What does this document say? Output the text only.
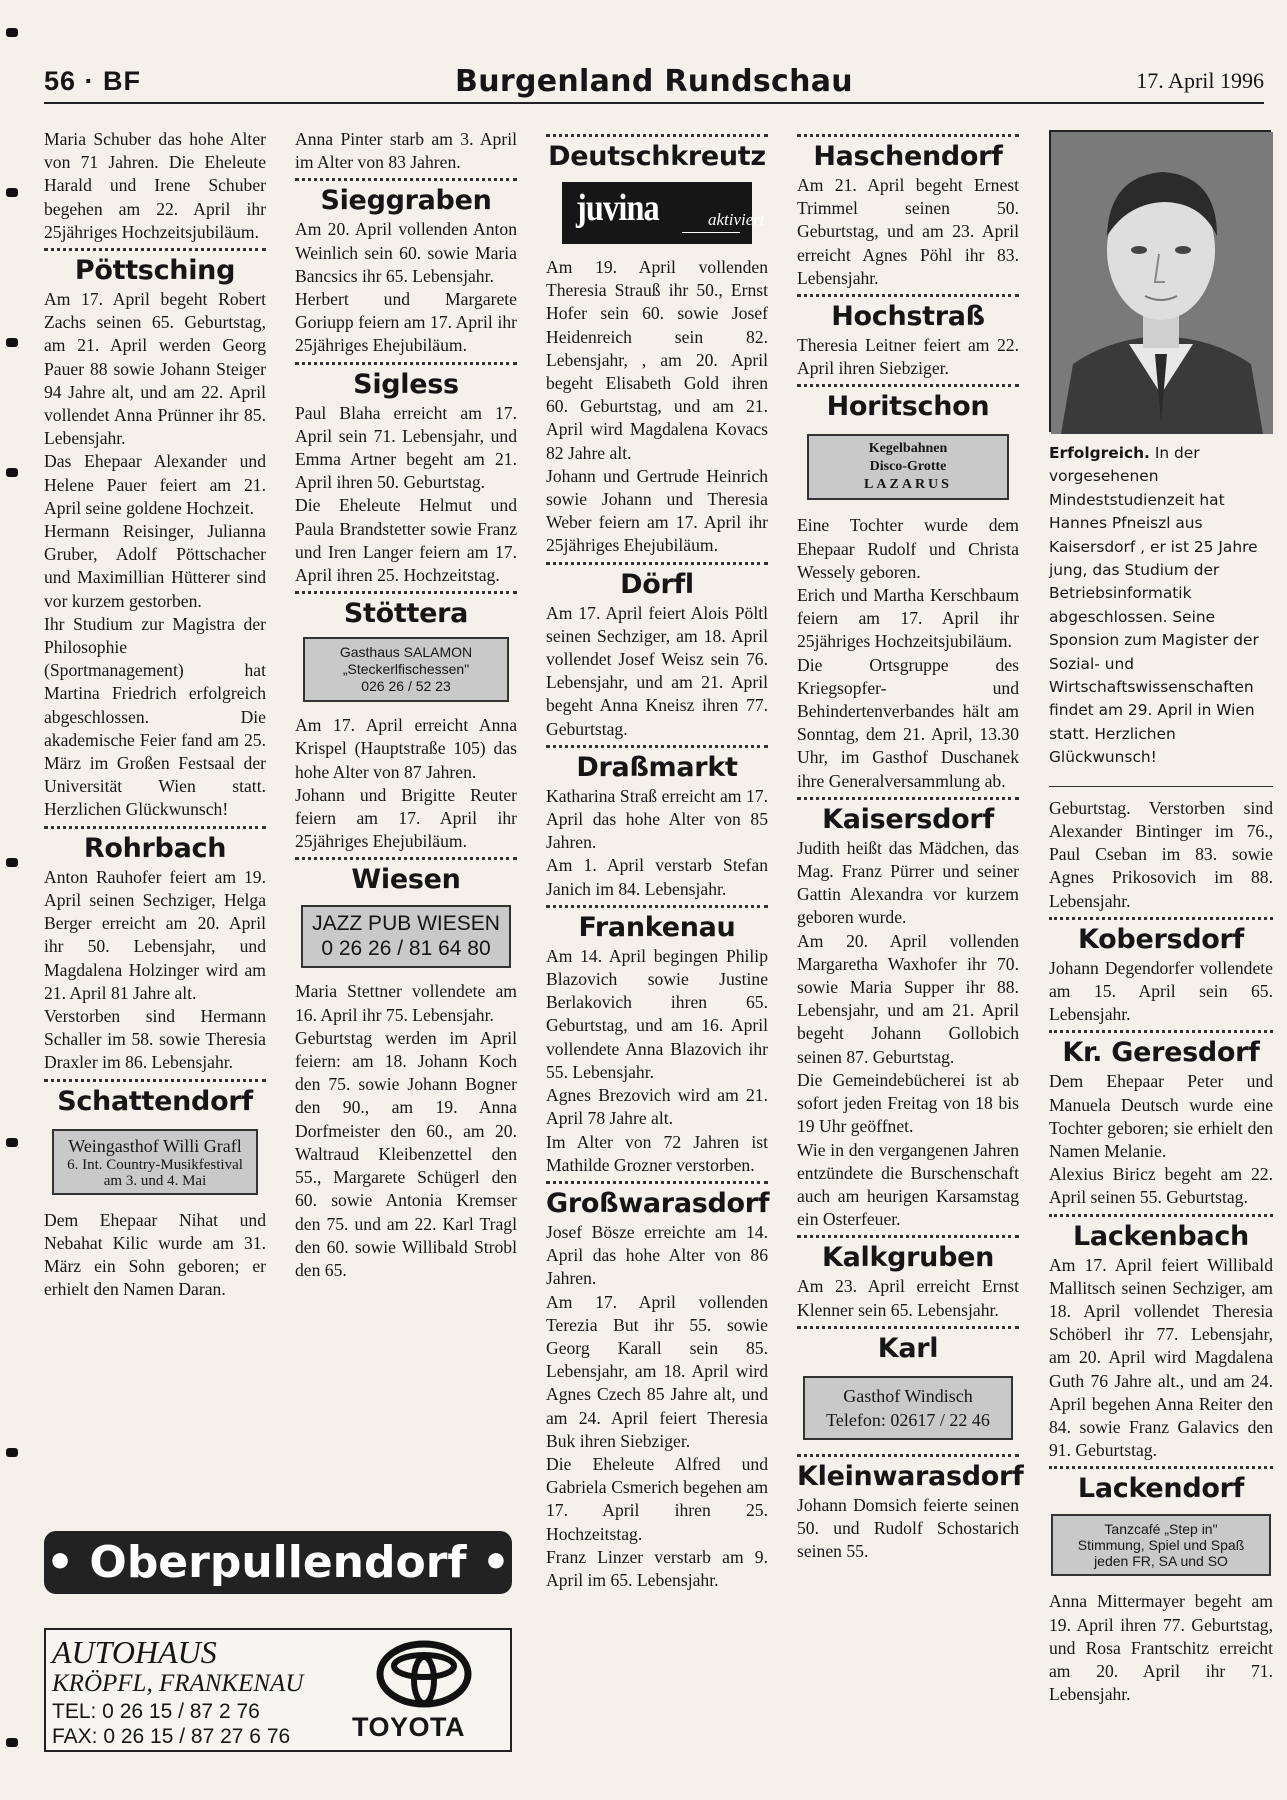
56 · BF	Burgenland Rundschau	17. April 1996

Maria Schuber das hohe Alter von 71 Jahren. Die Eheleute Harald und Irene Schuber begehen am 22. April ihr 25jähriges Hochzeitsjubiläum.

Pöttsching

Am 17. April begeht Robert Zachs seinen 65. Geburtstag, am 21. April werden Georg Pauer 88 sowie Johann Steiger 94 Jahre alt, und am 22. April vollendet Anna Prünner ihr 85. Lebensjahr.

Das Ehepaar Alexander und Helene Pauer feiert am 21. April seine goldene Hochzeit.

Hermann Reisinger, Julianna Gruber, Adolf Pöttschacher und Maximillian Hütterer sind vor kurzem gestorben.

Ihr Studium zur Magistra der Philosophie (Sportmanagement) hat Martina Friedrich erfolgreich abgeschlossen. Die akademische Feier fand am 25. März im Großen Festsaal der Universität Wien statt. Herzlichen Glückwunsch!

Rohrbach

Anton Rauhofer feiert am 19. April seinen Sechziger, Helga Berger erreicht am 20. April ihr 50. Lebensjahr, und Magdalena Holzinger wird am 21. April 81 Jahre alt.

Verstorben sind Hermann Schaller im 58. sowie Theresia Draxler im 86. Lebensjahr.

Schattendorf
Weingasthof Willi Grafl
6. Int. Country-Musikfestival
am 3. und 4. Mai

Dem Ehepaar Nihat und Nebahat Kilic wurde am 31. März ein Sohn geboren; er erhielt den Namen Daran.

Anna Pinter starb am 3. April im Alter von 83 Jahren.

Sieggraben

Am 20. April vollenden Anton Weinlich sein 60. sowie Maria Bancsics ihr 65. Lebensjahr.

Herbert und Margarete Goriupp feiern am 17. April ihr 25jähriges Ehejubiläum.

Sigless

Paul Blaha erreicht am 17. April sein 71. Lebensjahr, und Emma Artner begeht am 21. April ihren 50. Geburtstag.

Die Eheleute Helmut und Paula Brandstetter sowie Franz und Iren Langer feiern am 17. April ihren 25. Hochzeitstag.

Stöttera
Gasthaus SALAMON
„Steckerlfischessen"
026 26 / 52 23

Am 17. April erreicht Anna Krispel (Hauptstraße 105) das hohe Alter von 87 Jahren.

Johann und Brigitte Reuter feiern am 17. April ihr 25jähriges Ehejubiläum.

Wiesen
JAZZ PUB WIESEN
0 26 26 / 81 64 80

Maria Stettner vollendete am 16. April ihr 75. Lebensjahr.

Geburtstag werden im April feiern: am 18. Johann Koch den 75. sowie Johann Bogner den 90., am 19. Anna Dorfmeister den 60., am 20. Waltraud Kleibenzettel den 55., Margarete Schügerl den 60. sowie Antonia Kremser den 75. und am 22. Karl Tragl den 60. sowie Willibald Strobl den 65.

Deutschkreutz
juvina	aktiviert

Am 19. April vollenden Theresia Strauß ihr 50., Ernst Hofer sein 60. sowie Josef Heidenreich sein 82. Lebensjahr, , am 20. April begeht Elisabeth Gold ihren 60. Geburtstag, und am 21. April wird Magdalena Kovacs 82 Jahre alt.

Johann und Gertrude Heinrich sowie Johann und Theresia Weber feiern am 17. April ihr 25jähriges Ehejubiläum.

Dörfl

Am 17. April feiert Alois Pöltl seinen Sechziger, am 18. April vollendet Josef Weisz sein 76. Lebensjahr, und am 21. April begeht Anna Kneisz ihren 77. Geburtstag.

Draßmarkt

Katharina Straß erreicht am 17. April das hohe Alter von 85 Jahren.

Am 1. April verstarb Stefan Janich im 84. Lebensjahr.

Frankenau

Am 14. April begingen Philip Blazovich sowie Justine Berlakovich ihren 65. Geburtstag, und am 16. April vollendete Anna Blazovich ihr 55. Lebensjahr.

Agnes Brezovich wird am 21. April 78 Jahre alt.

Im Alter von 72 Jahren ist Mathilde Grozner verstorben.

Großwarasdorf

Josef Bösze erreichte am 14. April das hohe Alter von 86 Jahren.

Am 17. April vollenden Terezia But ihr 55. sowie Georg Karall sein 85. Lebensjahr, am 18. April wird Agnes Czech 85 Jahre alt, und am 24. April feiert Theresia Buk ihren Siebziger.

Die Eheleute Alfred und Gabriela Csmerich begehen am 17. April ihren 25. Hochzeitstag.

Franz Linzer verstarb am 9. April im 65. Lebensjahr.

Haschendorf

Am 21. April begeht Ernest Trimmel seinen 50. Geburtstag, und am 23. April erreicht Agnes Pöhl ihr 83. Lebensjahr.

Hochstraß

Theresia Leitner feiert am 22. April ihren Siebziger.

Horitschon
Kegelbahnen
Disco-Grotte
LAZARUS

Eine Tochter wurde dem Ehepaar Rudolf und Christa Wessely geboren.

Erich und Martha Kerschbaum feiern am 17. April ihr 25jähriges Hochzeitsjubiläum.

Die Ortsgruppe des Kriegsopfer- und Behindertenverbandes hält am Sonntag, dem 21. April, 13.30 Uhr, im Gasthof Duschanek ihre Generalversammlung ab.

Kaisersdorf

Judith heißt das Mädchen, das Mag. Franz Pürrer und seiner Gattin Alexandra vor kurzem geboren wurde.

Am 20. April vollenden Margaretha Waxhofer ihr 70. sowie Maria Supper ihr 88. Lebensjahr, und am 21. April begeht Johann Gollobich seinen 87. Geburtstag.

Die Gemeindebücherei ist ab sofort jeden Freitag von 18 bis 19 Uhr geöffnet.

Wie in den vergangenen Jahren entzündete die Burschenschaft auch am heurigen Karsamstag ein Osterfeuer.

Kalkgruben

Am 23. April erreicht Ernst Klenner sein 65. Lebensjahr.

Karl
Gasthof Windisch
Telefon: 02617 / 22 46
Kleinwarasdorf

Johann Domsich feierte seinen 50. und Rudolf Schostarich seinen 55.

Erfolgreich. In der vorgesehenen Mindeststudienzeit hat Hannes Pfneiszl aus Kaisersdorf , er ist 25 Jahre jung, das Studium der Betriebsinformatik abgeschlossen. Seine Sponsion zum Magister der Sozial- und Wirtschaftswissenschaften findet am 29. April in Wien statt. Herzlichen Glückwunsch!

Geburtstag. Verstorben sind Alexander Bintinger im 76., Paul Cseban im 83. sowie Agnes Prikosovich im 88. Lebensjahr.

Kobersdorf

Johann Degendorfer vollendete am 15. April sein 65. Lebensjahr.

Kr. Geresdorf

Dem Ehepaar Peter und Manuela Deutsch wurde eine Tochter geboren; sie erhielt den Namen Melanie.

Alexius Biricz begeht am 22. April seinen 55. Geburtstag.

Lackenbach

Am 17. April feiert Willibald Mallitsch seinen Sechziger, am 18. April vollendet Theresia Schöberl ihr 77. Lebensjahr, am 20. April wird Magdalena Guth 76 Jahre alt., und am 24. April begehen Anna Reiter den 84. sowie Franz Galavics den 91. Geburtstag.

Lackendorf
Tanzcafé „Step in"
Stimmung, Spiel und Spaß
jeden FR, SA und SO

Anna Mittermayer begeht am 19. April ihren 77. Geburtstag, und Rosa Frantschitz erreicht am 20. April ihr 71. Lebensjahr.

• Oberpullendorf •
AUTOHAUS
KRÖPFL, FRANKENAU
TEL: 0 26 15 / 87 2 76
FAX: 0 26 15 / 87 27 6 76 TOYOTA
